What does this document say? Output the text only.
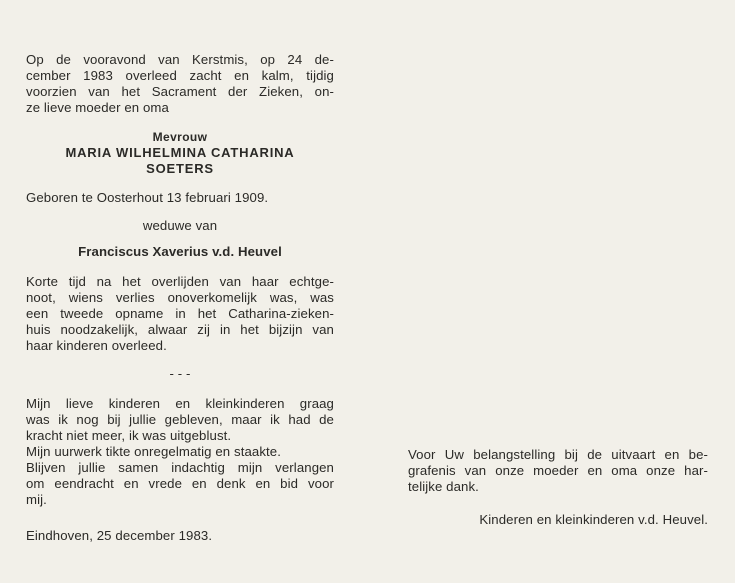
Op de vooravond van Kerstmis, op 24 de-
cember 1983 overleed zacht en kalm, tijdig
voorzien van het Sacrament der Zieken, on-
ze lieve moeder en oma
Mevrouw
MARIA WILHELMINA CATHARINA
SOETERS
Geboren te Oosterhout 13 februari 1909.
weduwe van
Franciscus Xaverius v.d. Heuvel
Korte tijd na het overlijden van haar echtge-
noot, wiens verlies onoverkomelijk was, was
een tweede opname in het Catharina-zieken-
huis noodzakelijk, alwaar zij in het bijzijn van
haar kinderen overleed.
- - -
Mijn lieve kinderen en kleinkinderen graag
was ik nog bij jullie gebleven, maar ik had de
kracht niet meer, ik was uitgeblust.
Mijn uurwerk tikte onregelmatig en staakte.
Blijven jullie samen indachtig mijn verlangen
om eendracht en vrede en denk en bid voor
mij.
Eindhoven, 25 december 1983.
Voor Uw belangstelling bij de uitvaart en be-
grafenis van onze moeder en oma onze har-
telijke dank.
Kinderen en kleinkinderen v.d. Heuvel.
